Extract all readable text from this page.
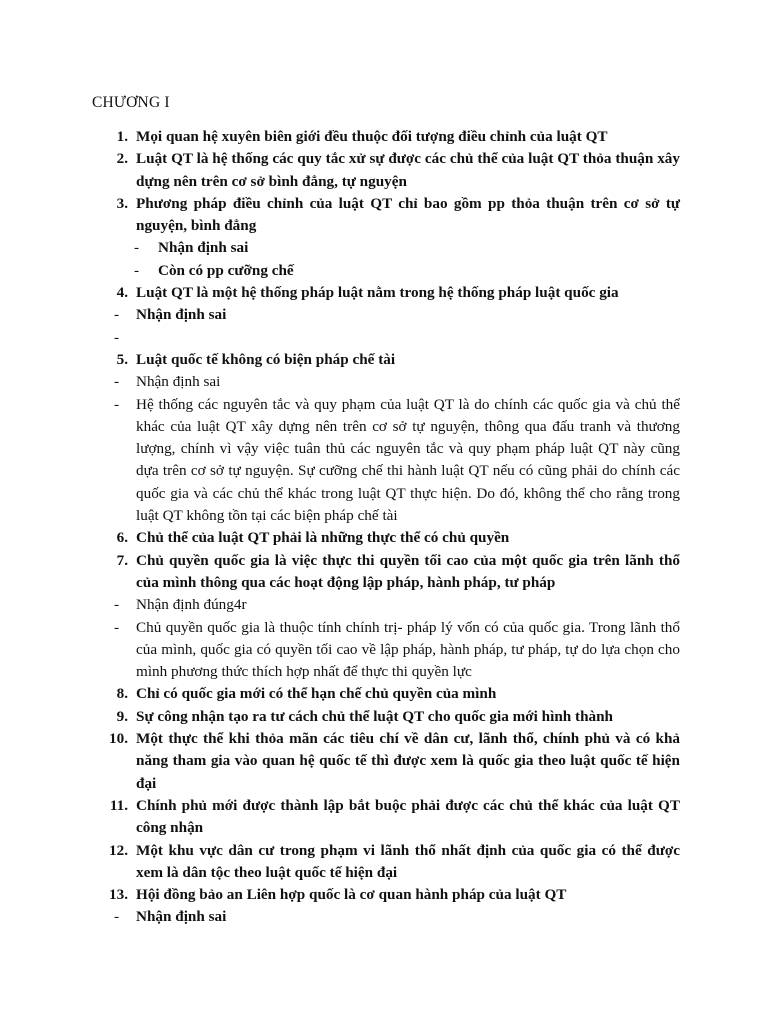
CHƯƠNG I
1. Mọi quan hệ xuyên biên giới đều thuộc đối tượng điều chỉnh của luật QT
2. Luật QT là hệ thống các quy tắc xử sự được các chủ thể của luật QT thỏa thuận xây dựng nên trên cơ sở bình đẳng, tự nguyện
3. Phương pháp điều chỉnh của luật QT chỉ bao gồm pp thỏa thuận trên cơ sở tự nguyện, bình đẳng
-	Nhận định sai
-	Còn có pp cưỡng chế
4. Luật QT là một hệ thống pháp luật nằm trong hệ thống pháp luật quốc gia
-	Nhận định sai
-
5. Luật quốc tế không có biện pháp chế tài
-	Nhận định sai
-	Hệ thống các nguyên tắc và quy phạm của luật QT là do chính các quốc gia và chủ thể khác của luật QT xây dựng nên trên cơ sở tự nguyện, thông qua đấu tranh và thương lượng, chính vì vậy việc tuân thủ các nguyên tắc và quy phạm pháp luật QT này cũng dựa trên cơ sở tự nguyện. Sự cưỡng chế thi hành luật QT nếu có cũng phải do chính các quốc gia và các chủ thể khác trong luật QT thực hiện. Do đó, không thể cho rằng trong luật QT không tồn tại các biện pháp chế tài
6. Chủ thể của luật QT phải là những thực thể có chủ quyền
7. Chủ quyền quốc gia là việc thực thi quyền tối cao của một quốc gia trên lãnh thổ của mình thông qua các hoạt động lập pháp, hành pháp, tư pháp
-	Nhận định đúng4r
-	Chủ quyền quốc gia là thuộc tính chính trị- pháp lý vốn có của quốc gia. Trong lãnh thổ của mình, quốc gia có quyền tối cao về lập pháp, hành pháp, tư pháp, tự do lựa chọn cho mình phương thức thích hợp nhất để thực thi quyền lực
8. Chỉ có quốc gia mới có thể hạn chế chủ quyền của mình
9. Sự công nhận tạo ra tư cách chủ thể luật QT cho quốc gia mới hình thành
10. Một thực thể khi thỏa mãn các tiêu chí về dân cư, lãnh thổ, chính phủ và có khả năng tham gia vào quan hệ quốc tế thì được xem là quốc gia theo luật quốc tế hiện đại
11. Chính phủ mới được thành lập bắt buộc phải được các chủ thể khác của luật QT công nhận
12. Một khu vực dân cư trong phạm vi lãnh thổ nhất định của quốc gia có thể được xem là dân tộc theo luật quốc tế hiện đại
13. Hội đồng bảo an Liên hợp quốc là cơ quan hành pháp của luật QT
-	Nhận định sai
